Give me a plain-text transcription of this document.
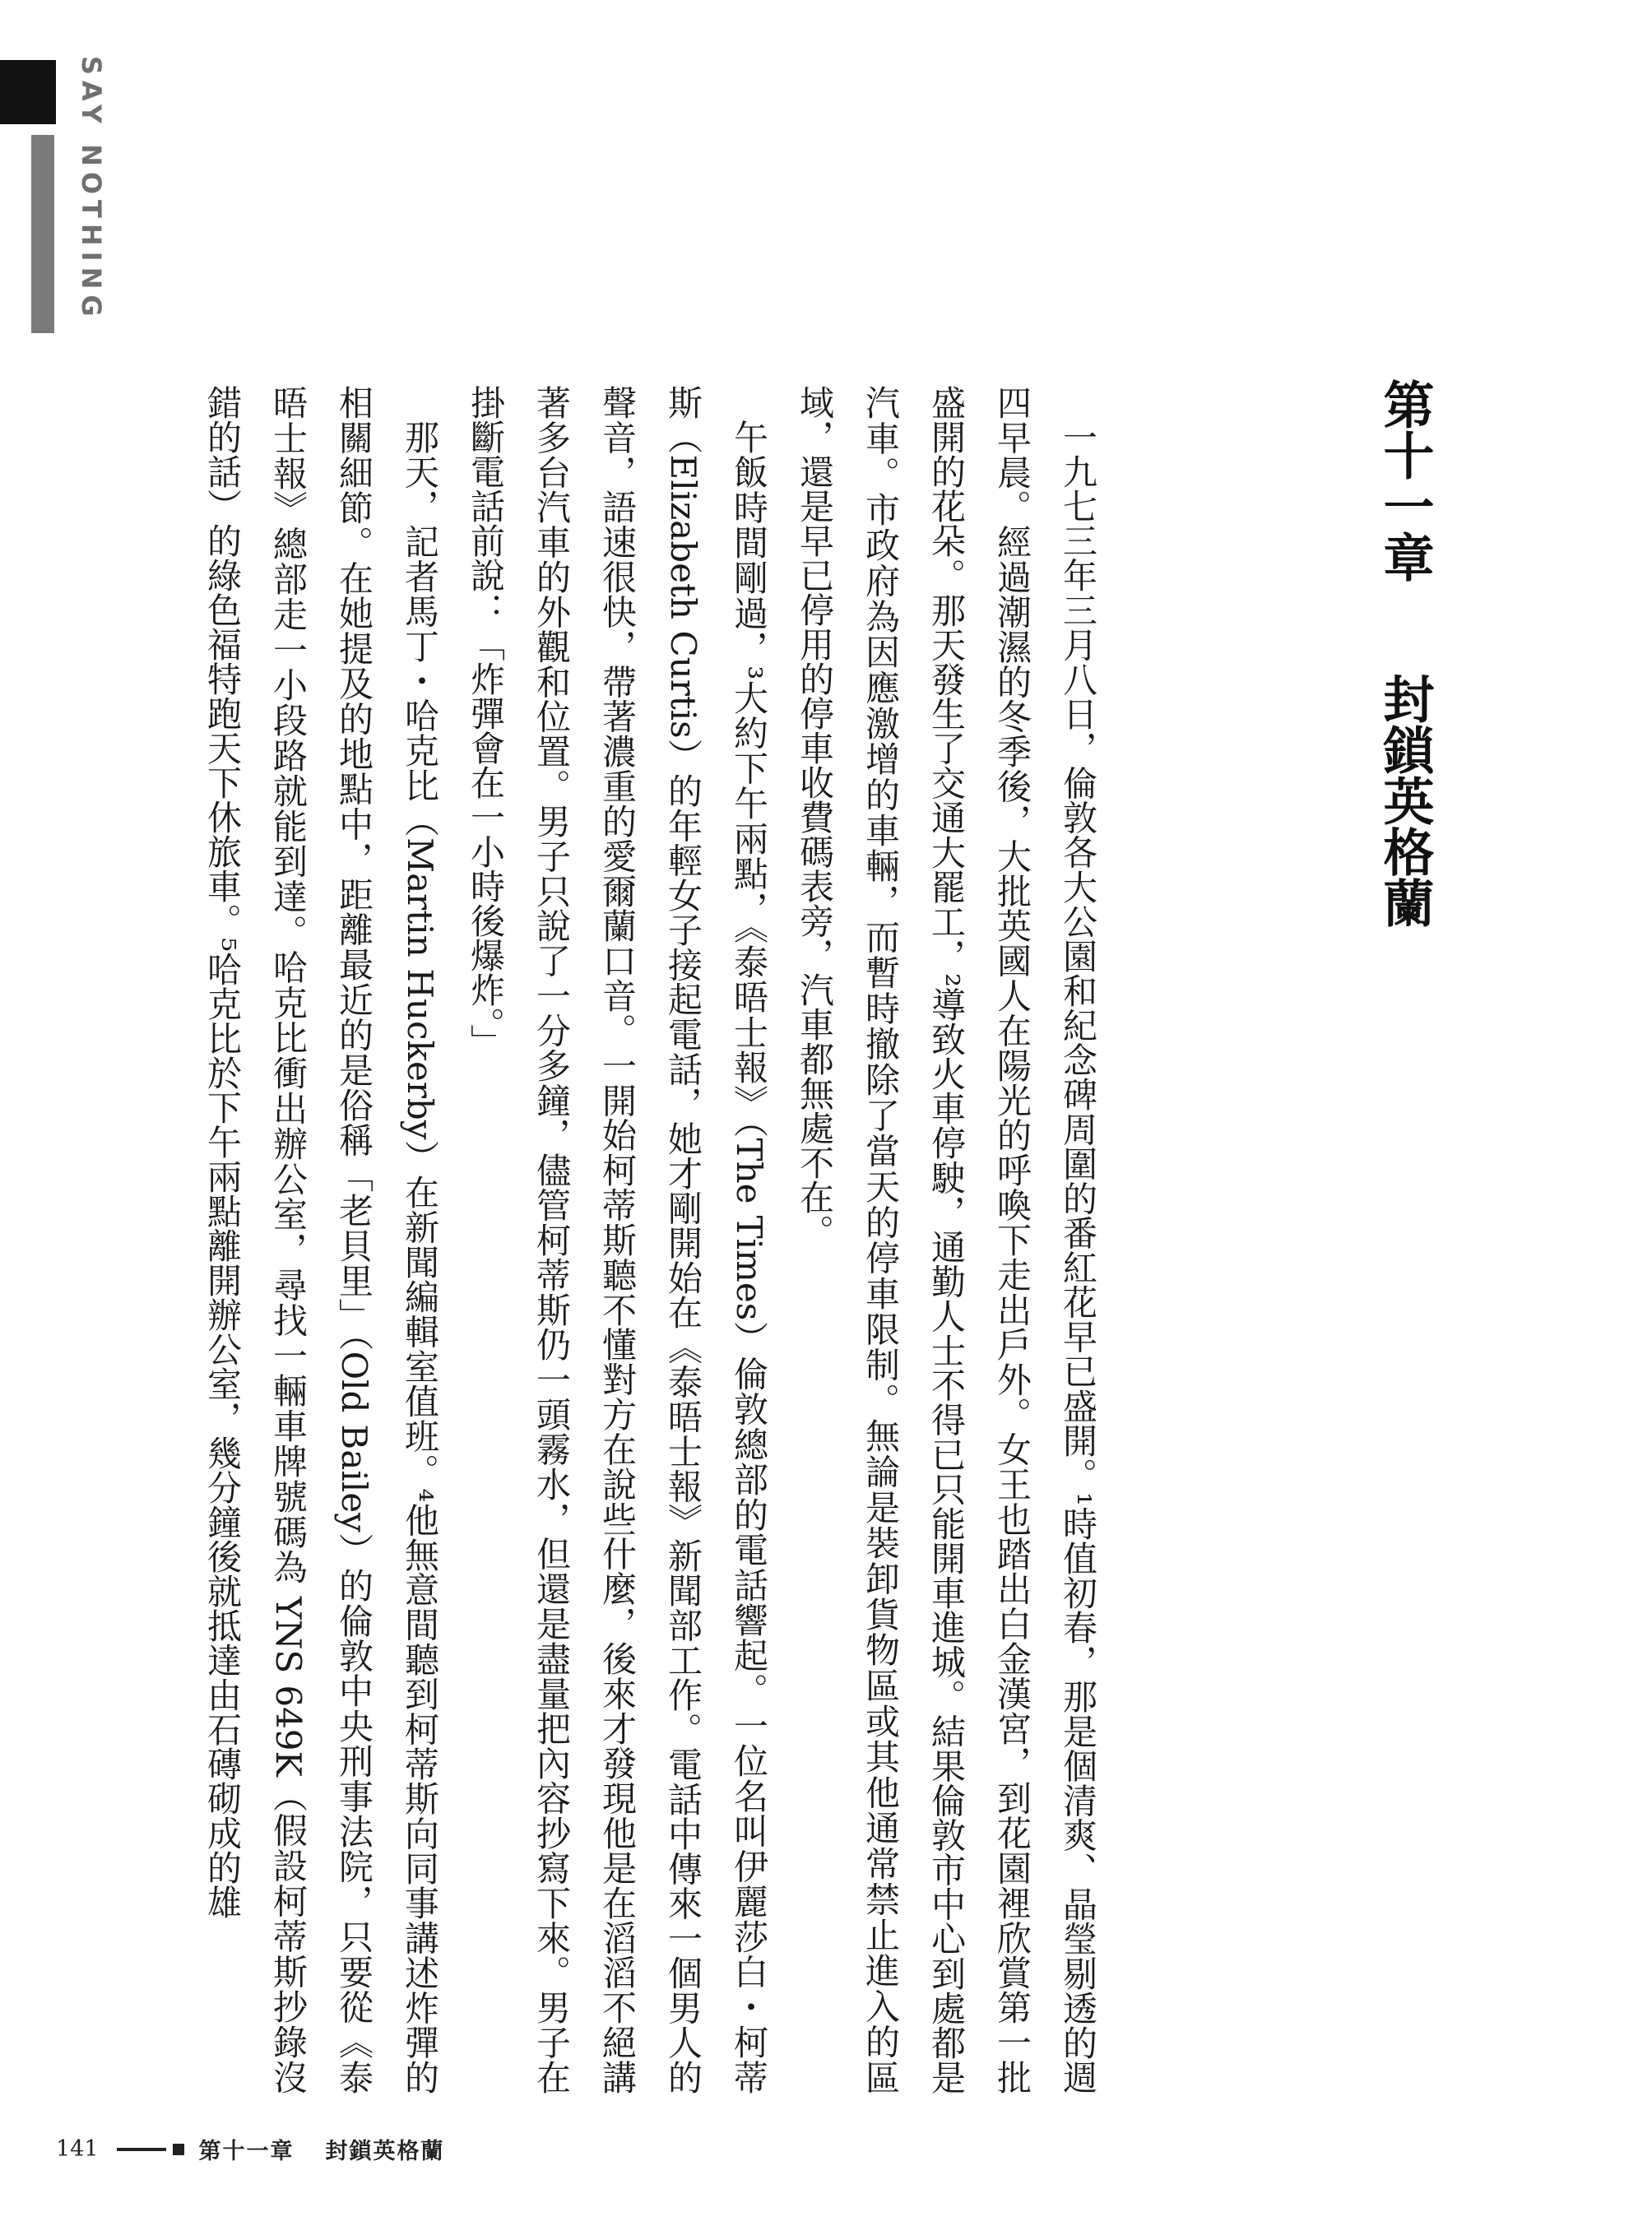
SAY NOTHING
第十一章封鎖英格蘭

一九七三年三月八日，倫敦各大公園和紀念碑周圍的番紅花早已盛開。¹時值初春，那是個清爽、晶瑩剔透的週四早晨。經過潮濕的冬季後，大批英國人在陽光的呼喚下走出戶外。女王也踏出白金漢宮，到花園裡欣賞第一批盛開的花朵。那天發生了交通大罷工，²導致火車停駛，通勤人士不得已只能開車進城。結果倫敦市中心到處都是汽車。市政府為因應激增的車輛，而暫時撤除了當天的停車限制。無論是裝卸貨物區或其他通常禁止進入的區域，還是早已停用的停車收費碼表旁，汽車都無處不在。

午飯時間剛過，³大約下午兩點，《泰晤士報》（The Times）倫敦總部的電話響起。一位名叫伊麗莎白・柯蒂斯（Elizabeth Curtis）的年輕女子接起電話，她才剛開始在《泰晤士報》新聞部工作。電話中傳來一個男人的聲音，語速很快，帶著濃重的愛爾蘭口音。一開始柯蒂斯聽不懂對方在說些什麼，後來才發現他是在滔滔不絕講著多台汽車的外觀和位置。男子只說了一分多鐘，儘管柯蒂斯仍一頭霧水，但還是盡量把內容抄寫下來。男子在掛斷電話前說：「炸彈會在一小時後爆炸。」

那天，記者馬丁・哈克比（Martin Huckerby）在新聞編輯室值班。⁴他無意間聽到柯蒂斯向同事講述炸彈的相關細節。在她提及的地點中，距離最近的是俗稱「老貝里」（Old Bailey）的倫敦中央刑事法院，只要從《泰晤士報》總部走一小段路就能到達。哈克比衝出辦公室，尋找一輛車牌號碼為 YNS 649K（假設柯蒂斯抄錄沒錯的話）的綠色福特跑天下休旅車。⁵哈克比於下午兩點離開辦公室，幾分鐘後就抵達由石磚砌成的雄

141	第十一章 封鎖英格蘭
